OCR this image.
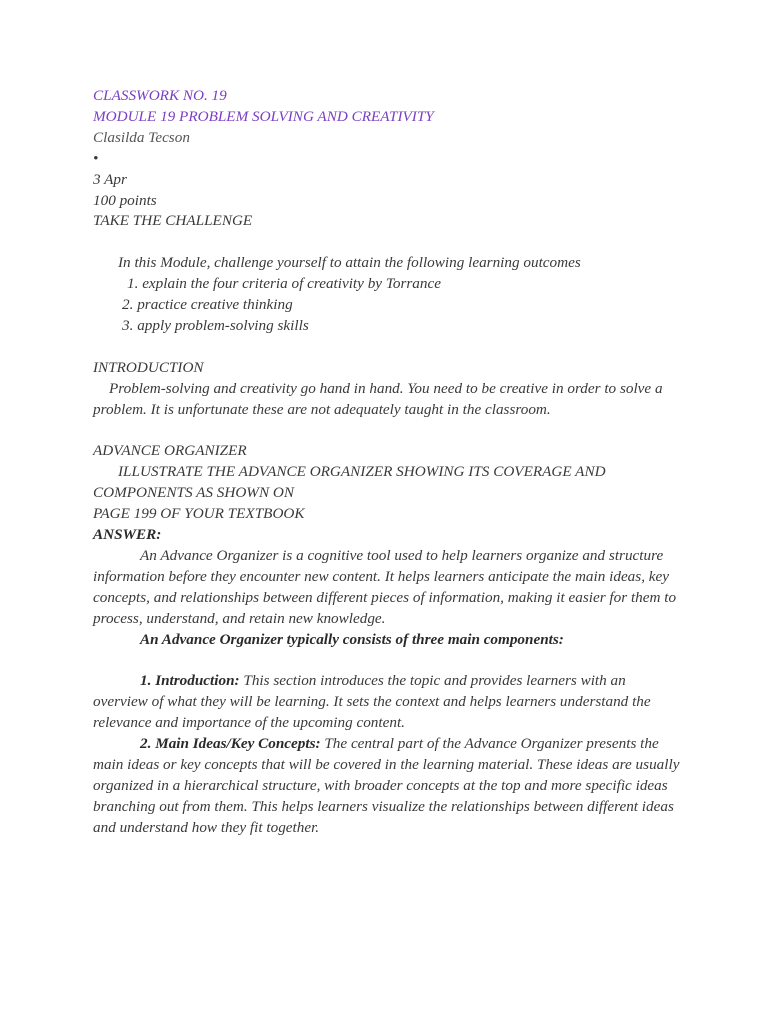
CLASSWORK NO. 19
MODULE 19 PROBLEM SOLVING AND CREATIVITY
Clasilda Tecson
•
3 Apr
100 points
TAKE THE CHALLENGE
In this Module, challenge yourself to attain the following learning outcomes
1. explain the four criteria of creativity by Torrance
2. practice creative thinking
3. apply problem-solving skills
INTRODUCTION
Problem-solving and creativity go hand in hand. You need to be creative in order to solve a problem. It is unfortunate these are not adequately taught in the classroom.
ADVANCE ORGANIZER
ILLUSTRATE THE ADVANCE ORGANIZER SHOWING ITS COVERAGE AND
COMPONENTS AS SHOWN ON
PAGE 199 OF YOUR TEXTBOOK
ANSWER:
An Advance Organizer is a cognitive tool used to help learners organize and structure information before they encounter new content. It helps learners anticipate the main ideas, key concepts, and relationships between different pieces of information, making it easier for them to process, understand, and retain new knowledge.
An Advance Organizer typically consists of three main components:
1. Introduction: This section introduces the topic and provides learners with an overview of what they will be learning. It sets the context and helps learners understand the relevance and importance of the upcoming content.
2. Main Ideas/Key Concepts: The central part of the Advance Organizer presents the main ideas or key concepts that will be covered in the learning material. These ideas are usually organized in a hierarchical structure, with broader concepts at the top and more specific ideas branching out from them. This helps learners visualize the relationships between different ideas and understand how they fit together.
